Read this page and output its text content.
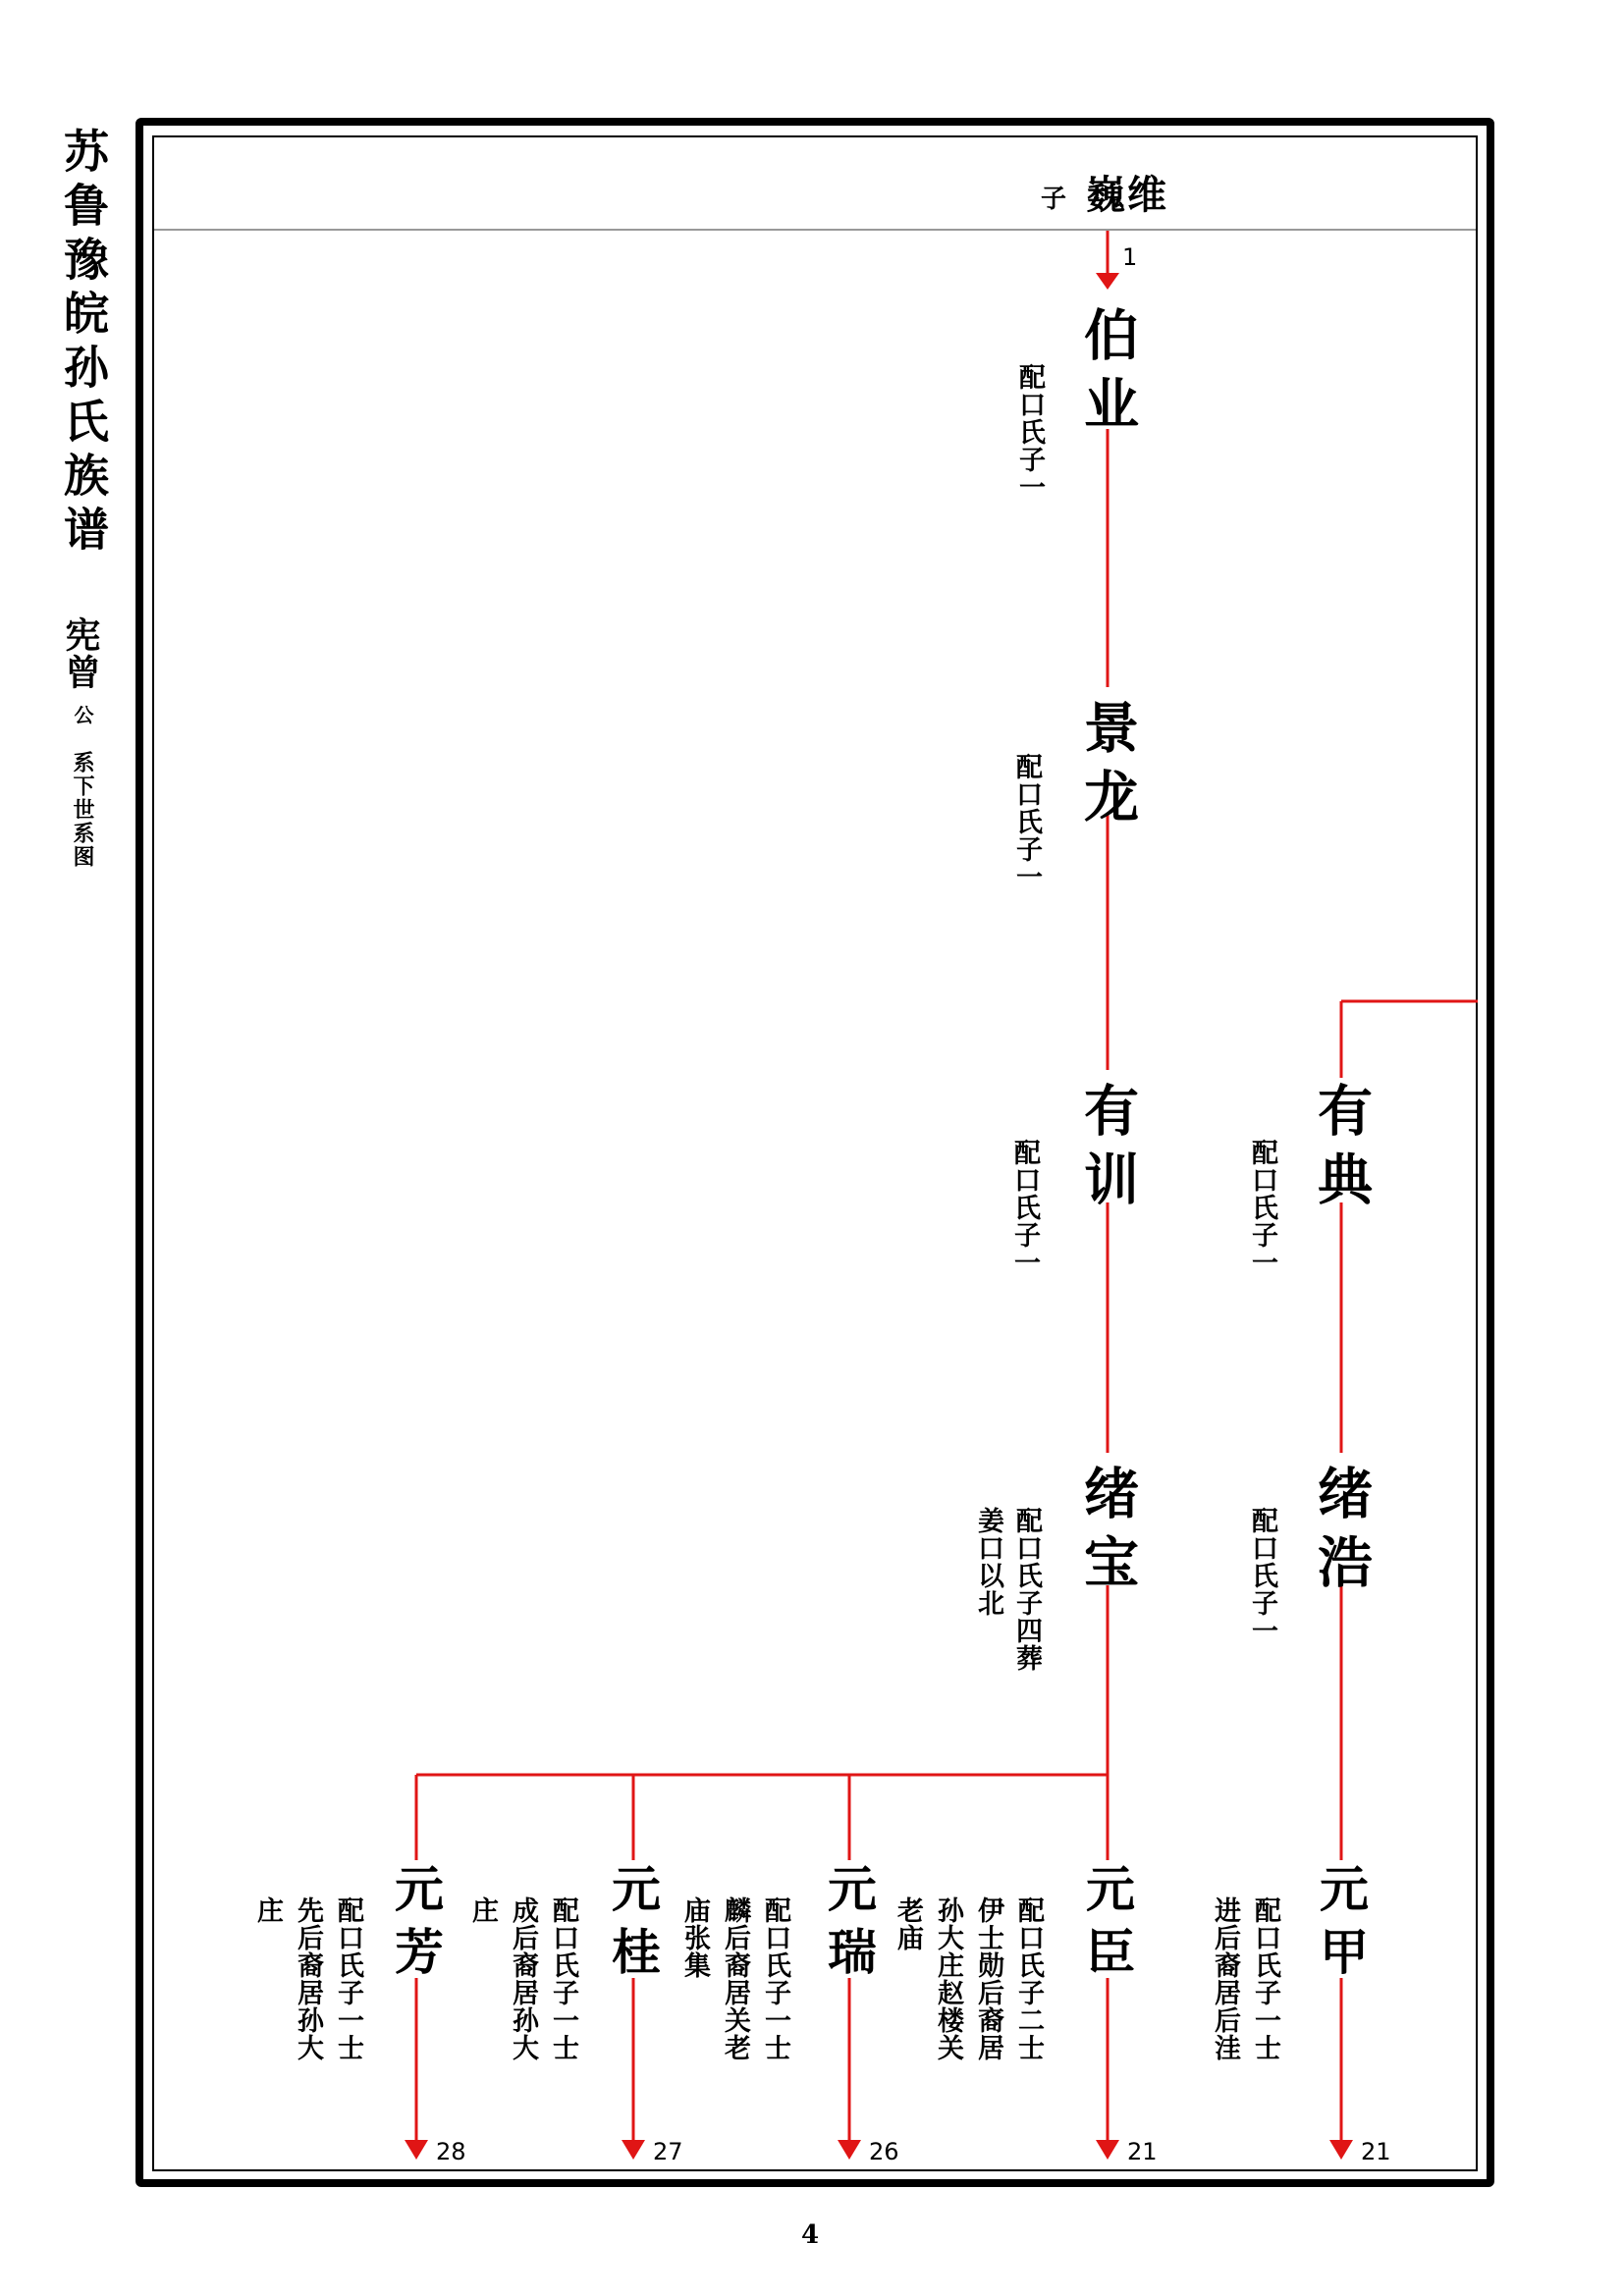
苏鲁豫皖孙氏族谱
宪曾
公
系下世系图
子 巍维
1
伯业
配口氏子一
景龙
配口氏子一
有训
配口氏子一
绪宝
配口氏子四葬
姜口以北
有典
配口氏子一
绪浩
配口氏子一
元芳
配口氏子一士
先后裔居孙大
庄
28
元桂
配口氏子一士
成后裔居孙大
庄
27
元瑞
配口氏子一士
麟后裔居关老
庙张集
26
元臣
配口氏子二士
伊士勋后裔居
孙大庄赵楼关
老庙
21
元甲
配口氏子一士
进后裔居后洼
21
4
